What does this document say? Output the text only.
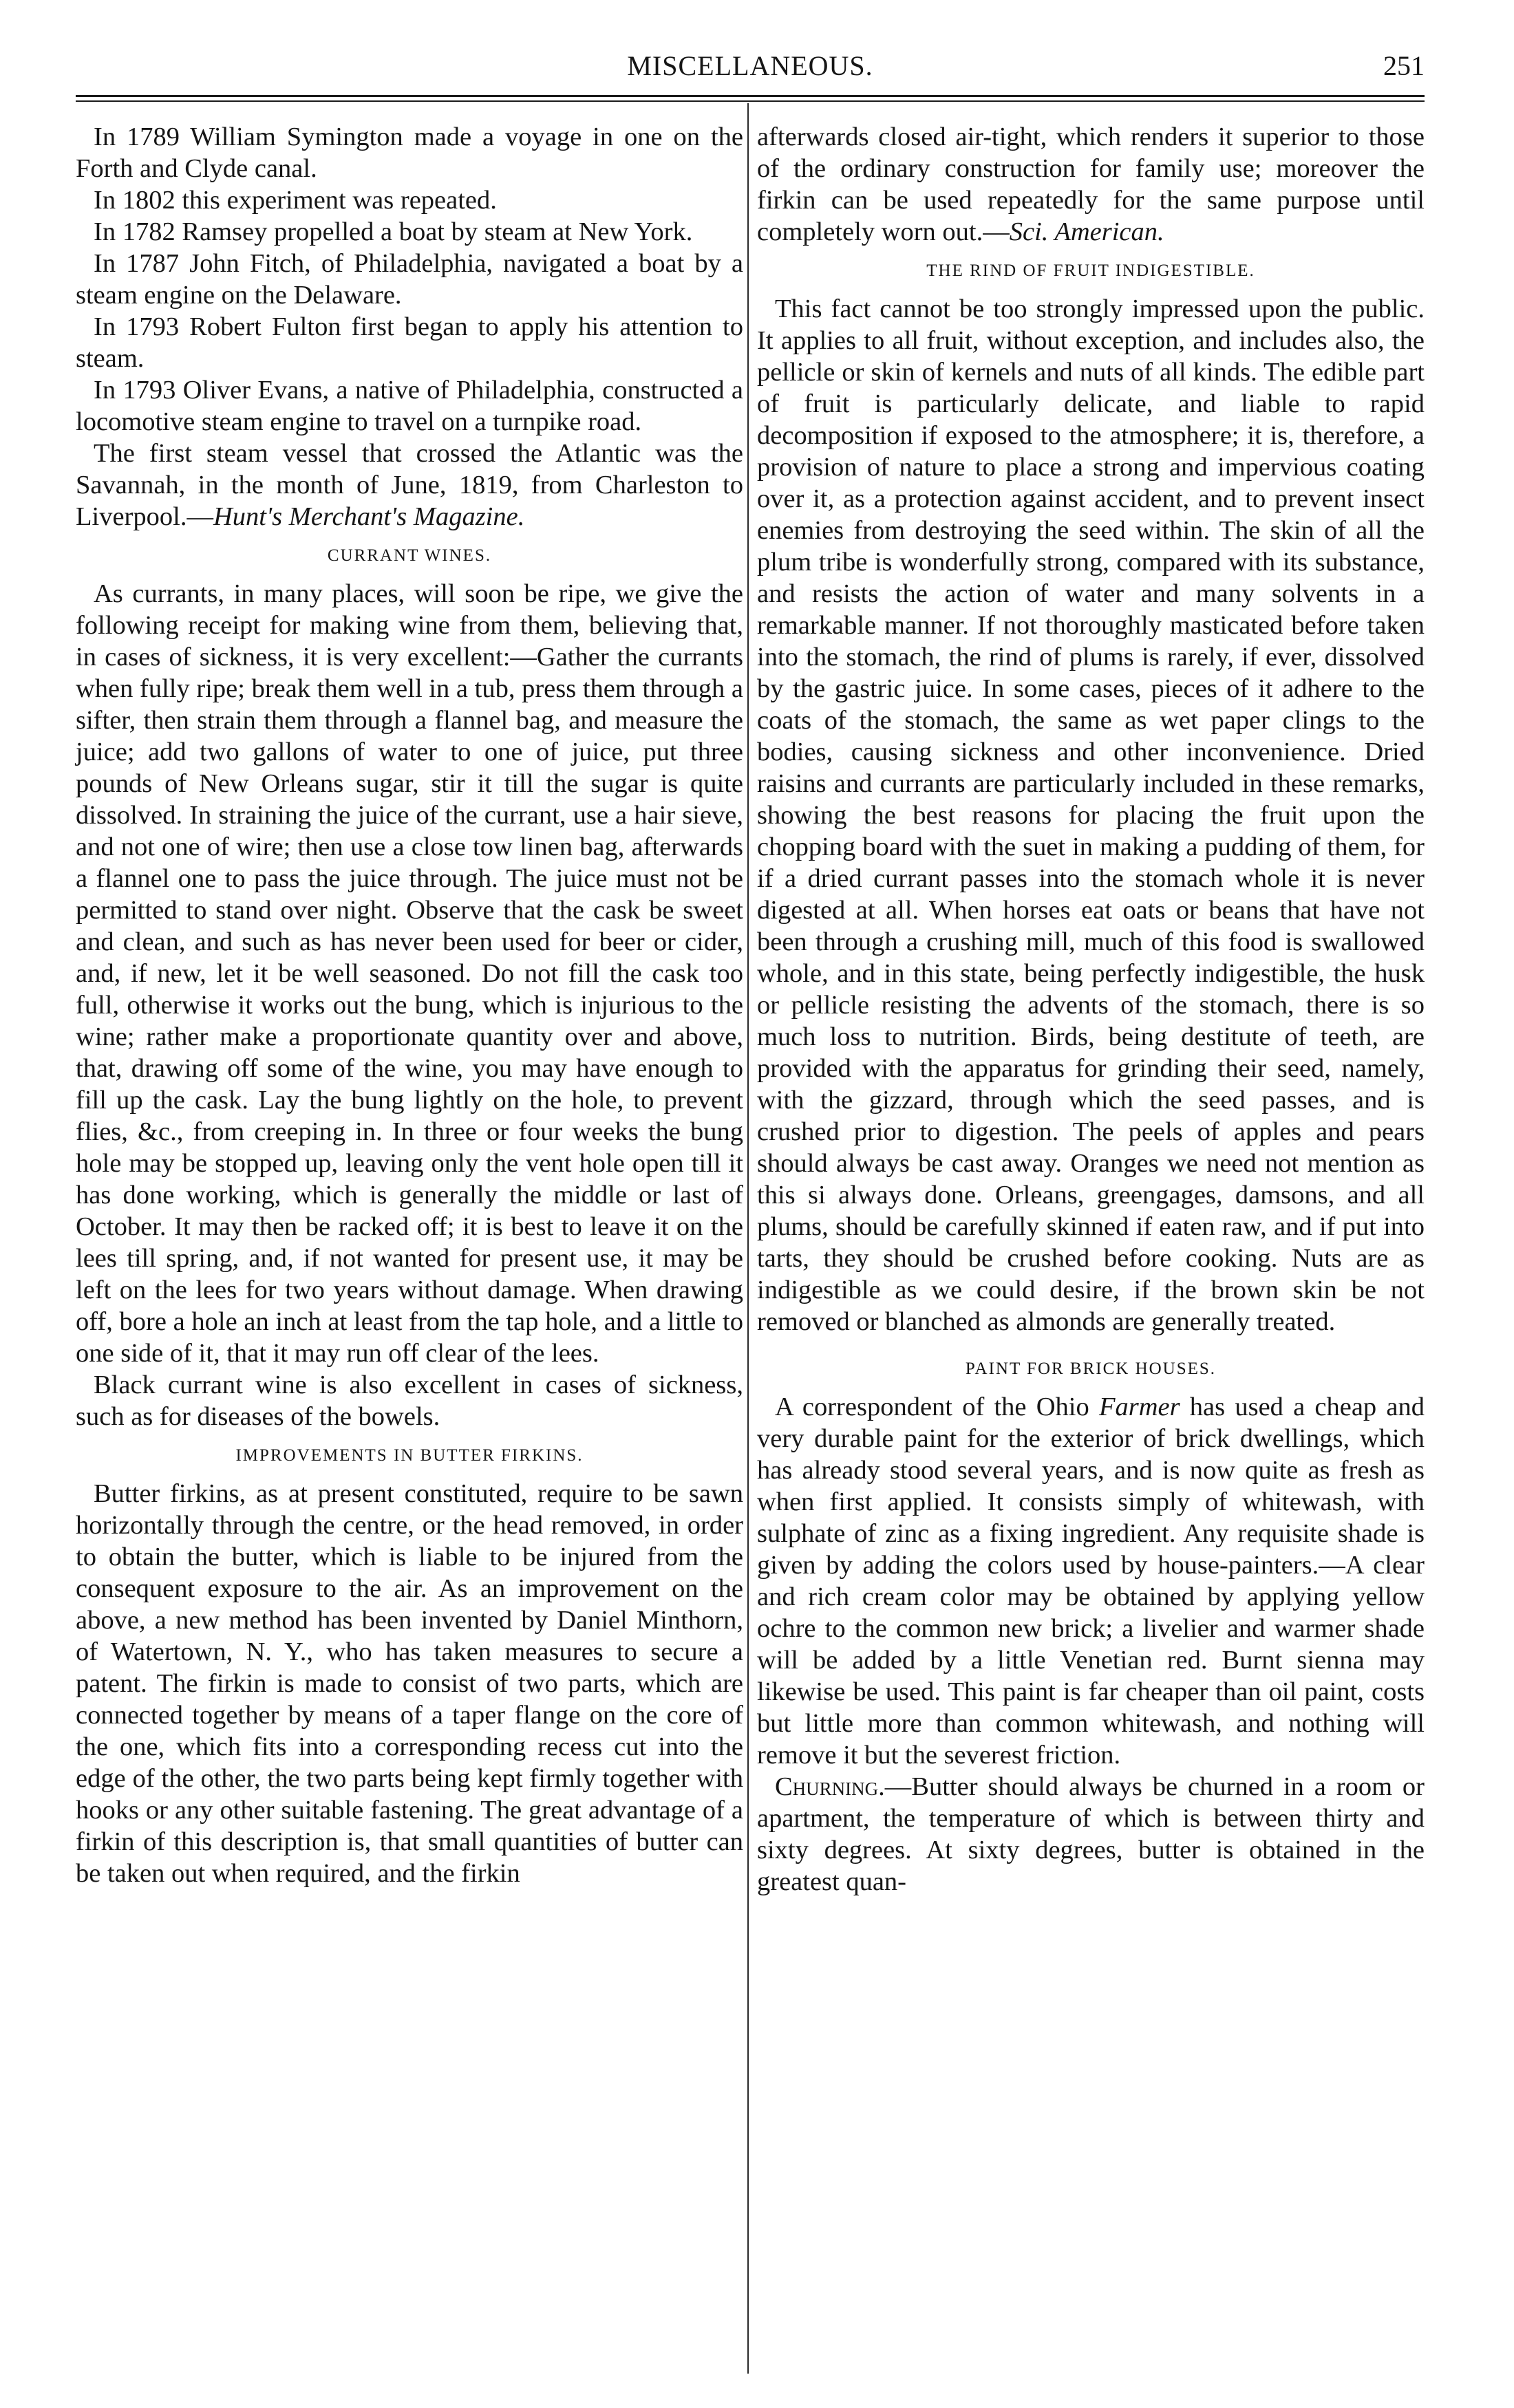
MISCELLANEOUS.	251

In 1789 William Symington made a voyage in one on the Forth and Clyde canal.

In 1802 this experiment was repeated.

In 1782 Ramsey propelled a boat by steam at New York.

In 1787 John Fitch, of Philadelphia, navigated a boat by a steam engine on the Delaware.

In 1793 Robert Fulton first began to apply his attention to steam.

In 1793 Oliver Evans, a native of Philadelphia, constructed a locomotive steam engine to travel on a turnpike road.

The first steam vessel that crossed the Atlantic was the Savannah, in the month of June, 1819, from Charleston to Liverpool.—Hunt's Merchant's Magazine.

CURRANT WINES.

As currants, in many places, will soon be ripe, we give the following receipt for making wine from them, believing that, in cases of sickness, it is very excellent:—Gather the currants when fully ripe; break them well in a tub, press them through a sifter, then strain them through a flannel bag, and measure the juice; add two gallons of water to one of juice, put three pounds of New Orleans sugar, stir it till the sugar is quite dissolved. In straining the juice of the currant, use a hair sieve, and not one of wire; then use a close tow linen bag, afterwards a flannel one to pass the juice through. The juice must not be permitted to stand over night. Observe that the cask be sweet and clean, and such as has never been used for beer or cider, and, if new, let it be well seasoned. Do not fill the cask too full, otherwise it works out the bung, which is injurious to the wine; rather make a proportionate quantity over and above, that, drawing off some of the wine, you may have enough to fill up the cask. Lay the bung lightly on the hole, to prevent flies, &c., from creeping in. In three or four weeks the bung hole may be stopped up, leaving only the vent hole open till it has done working, which is generally the middle or last of October. It may then be racked off; it is best to leave it on the lees till spring, and, if not wanted for present use, it may be left on the lees for two years without damage. When drawing off, bore a hole an inch at least from the tap hole, and a little to one side of it, that it may run off clear of the lees.

Black currant wine is also excellent in cases of sickness, such as for diseases of the bowels.

IMPROVEMENTS IN BUTTER FIRKINS.

Butter firkins, as at present constituted, require to be sawn horizontally through the centre, or the head removed, in order to obtain the butter, which is liable to be injured from the consequent exposure to the air. As an improvement on the above, a new method has been invented by Daniel Minthorn, of Watertown, N. Y., who has taken measures to secure a patent. The firkin is made to consist of two parts, which are connected together by means of a taper flange on the core of the one, which fits into a corresponding recess cut into the edge of the other, the two parts being kept firmly together with hooks or any other suitable fastening. The great advantage of a firkin of this description is, that small quantities of butter can be taken out when required, and the firkin

afterwards closed air-tight, which renders it superior to those of the ordinary construction for family use; moreover the firkin can be used repeatedly for the same purpose until completely worn out.—Sci. American.

THE RIND OF FRUIT INDIGESTIBLE.

This fact cannot be too strongly impressed upon the public. It applies to all fruit, without exception, and includes also, the pellicle or skin of kernels and nuts of all kinds. The edible part of fruit is particularly delicate, and liable to rapid decomposition if exposed to the atmosphere; it is, therefore, a provision of nature to place a strong and impervious coating over it, as a protection against accident, and to prevent insect enemies from destroying the seed within. The skin of all the plum tribe is wonderfully strong, compared with its substance, and resists the action of water and many solvents in a remarkable manner. If not thoroughly masticated before taken into the stomach, the rind of plums is rarely, if ever, dissolved by the gastric juice. In some cases, pieces of it adhere to the coats of the stomach, the same as wet paper clings to the bodies, causing sickness and other inconvenience. Dried raisins and currants are particularly included in these remarks, showing the best reasons for placing the fruit upon the chopping board with the suet in making a pudding of them, for if a dried currant passes into the stomach whole it is never digested at all. When horses eat oats or beans that have not been through a crushing mill, much of this food is swallowed whole, and in this state, being perfectly indigestible, the husk or pellicle resisting the advents of the stomach, there is so much loss to nutrition. Birds, being destitute of teeth, are provided with the apparatus for grinding their seed, namely, with the gizzard, through which the seed passes, and is crushed prior to digestion. The peels of apples and pears should always be cast away. Oranges we need not mention as this si always done. Orleans, greengages, damsons, and all plums, should be carefully skinned if eaten raw, and if put into tarts, they should be crushed before cooking. Nuts are as indigestible as we could desire, if the brown skin be not removed or blanched as almonds are generally treated.

PAINT FOR BRICK HOUSES.

A correspondent of the Ohio Farmer has used a cheap and very durable paint for the exterior of brick dwellings, which has already stood several years, and is now quite as fresh as when first applied. It consists simply of whitewash, with sulphate of zinc as a fixing ingredient. Any requisite shade is given by adding the colors used by house-painters.—A clear and rich cream color may be obtained by applying yellow ochre to the common new brick; a livelier and warmer shade will be added by a little Venetian red. Burnt sienna may likewise be used. This paint is far cheaper than oil paint, costs but little more than common whitewash, and nothing will remove it but the severest friction.

Churning.—Butter should always be churned in a room or apartment, the temperature of which is between thirty and sixty degrees. At sixty degrees, butter is obtained in the greatest quan-
